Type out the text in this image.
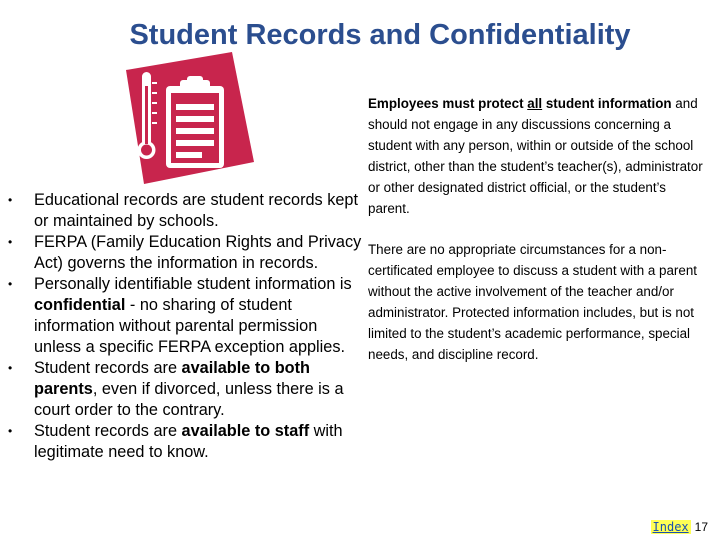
Student Records and Confidentiality
• Educational records are student records kept or maintained by schools.
• FERPA (Family Education Rights and Privacy Act) governs the information in records.
• Personally identifiable student information is confidential - no sharing of student information without parental permission unless a specific FERPA exception applies.
• Student records are available to both parents, even if divorced, unless there is a court order to the contrary.
• Student records are available to staff with legitimate need to know.

Employees must protect all student information and should not engage in any discussions concerning a student with any person, within or outside of the school district, other than the student’s teacher(s), administrator or other designated district official, or the student’s parent.

There are no appropriate circumstances for a non-certificated employee to discuss a student with a parent without the active involvement of the teacher and/or administrator. Protected information includes, but is not limited to the student’s academic performance, special needs, and discipline record.

Index 17
